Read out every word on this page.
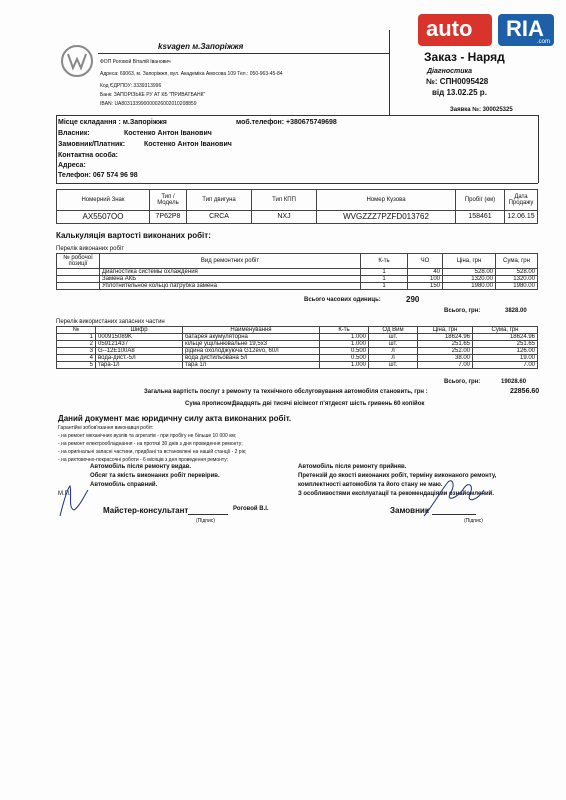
ksvagen м.Запоріжжя
ФОП Роговой Віталій Іванович
Адреса: 69063, м. Запоріжжя, вул. Академіка Амосова 109 Тел.: 050-963-45-84
Код ЄДРПОУ: 3339313996
Банк: ЗАПОРІЗЬКЕ РУ АТ КБ "ПРИВАТБАНК"
IBAN: UA803133990000026002010208859
auto RIA
.com
Заказ - Наряд
Діагностика
№: СПН0095428
від 13.02.25 р.
Заявка №: 300025325
Місце складання : м.Запоріжжя	моб.телефон: +380675749698
Власник:	Костенко Антон Іванович
Замовник/Платник:	Костенко Антон Іванович
Контактна особа:
Адреса:
Телефон: 067 574 96 98
Номерний Знак	Тип / Модель	Тип двигуна	Тип КПП	Номер Кузова	Пробіг (км)	Дата Продажу
AX5507OO	7P62P8	CRCA	NXJ	WVGZZZ7PZFD013762	158461	12.06.15
Калькуляція вартості виконаних робіт:
Перелік виконаних робіт
№ робочої позиції	Вид ремонтних робіт	К-ть	ЧО	Ціна, грн	Сума, грн
	Диагностика системы охлаждения	1	40	528.00	528.00
	Замена АКБ	1	100	1320.00	1320.00
	Уплотнительное кольцо патрубка замена	1	150	1980.00	1980.00
Всього часових одиниць:	290
Всього, грн:	3828.00
Перелік використаних запасних частин
№	Шифр	Найменування	К-ть	Од Вим	Ціна, грн	Сума, грн
1	000915089K	батарея акумуляторна	1.000	шт.	18624.96	18624.96
2	059121437	кільце ущільнювальне 19,5х3	1.000	шт.	251.65	251.65
3	G--12E100A8	рідина охолоджуюча G12evo, 60л	0.500	л	252.00	126.00
4	вода-дист.-5л	вода дистильована 5л	0.500	л	38.00	19.00
5	тара-1л	тара 1л	1.000	шт.	7.00	7.00
Всього, грн:	19028.60
Загальна вартість послуг з ремонту та технічного обслуговування автомобіля становить, грн :	22856.60
Сума прописом:
Двадцять дві тисячі вісімсот п'ятдесят шість гривень 60 копійок
Даний документ має юридичну силу акта виконаних робіт.
Гарантійні зобов'язання виконавця робіт:
- на ремонт механічних вузлів та агрегатів - при пробігу не більше 10 000 км;
- на ремонт електрообладнання - на протязі 30 днів з дня проведення ремонту;
- на оригінальні запасні частини, придбані та встановлені на нашій станції - 2 рік;
- на рихтовочно-покрасочні роботи - 6 місяців з дня проведення ремонту;
Автомобіль після ремонту видав.
Обсяг та якість виконаних робіт перевірив.
Автомобіль справний.
М.П.
Майстер-консультант	Роговой В.І.
(Підпис)
Автомобіль після ремонту прийняв.
Претензій до якості виконаних робіт, терміну виконаного ремонту,
комплектності автомобіля та його стану не маю.
З особливостями експлуатації та рекомендаціями ознайомлений.
Замовник
(Підпис)
